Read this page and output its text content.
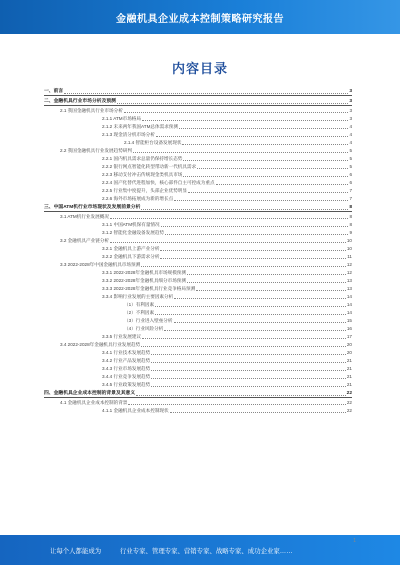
金融机具企业成本控制策略研究报告
内容目录
一、前言	3
二、金融机具行业市场分析及预测	3
2.1 我国金融机具行业市场分析	3
2.1.1 ATM市场格局	3
2.1.2 未来两年我国ATM总体需求预测	4
2.1.3 现金清分机市场分析	4
2.1.4 智能柜台设备发展现状	4
2.2 我国金融机具行业发展趋势研判	5
2.2.1 国内机具需求总量仍保持增长态势	5
2.2.2 银行网点智能化转型带动新一代机具需求	5
2.2.3 移动支付冲击传统现金类机具市场	6
2.2.4 国产化替代进程加快，核心部件自主可控成为重点	6
2.2.5 行业集中度提升，头部企业优势明显	7
2.2.6 海外市场拓展成为新的增长点	7
三、中国ATM机行业市场现状及发展前景分析	8
3.1 ATM机行业发展概况	8
3.1.1 中国ATM机保有量情况	8
3.1.2 智能化金融设备发展趋势	9
3.2 金融机具产业链分析	10
3.2.1 金融机具上游产业分析	10
3.2.2 金融机具下游需求分析	11
3.3 2022-2028年中国金融机具市场预测	12
3.3.1 2022-2028年金融机具市场规模预测	12
3.3.2 2022-2028年金融机具细分市场预测	13
3.3.3 2022-2028年金融机具行业竞争格局预测	13
3.3.4 影响行业发展的主要因素分析	14
（1）有利因素	14
（2）不利因素	14
（3）行业进入壁垒分析	15
（4）行业风险分析	16
3.3.5 行业发展建议	17
3.4 2022-2028年金融机具行业发展趋势	20
3.4.1 行业技术发展趋势	20
3.4.2 行业产品发展趋势	21
3.4.3 行业市场发展趋势	21
3.4.4 行业竞争发展趋势	21
3.4.5 行业政策发展趋势	21
四、金融机具企业成本控制的背景及其意义	22
4.1 金融机具企业成本控制的背景	22
4.1.1 金融机具企业成本控制现状	22
让每个人都能成为	行业专家、管理专家、营销专家、战略专家、成功企业家……
1
